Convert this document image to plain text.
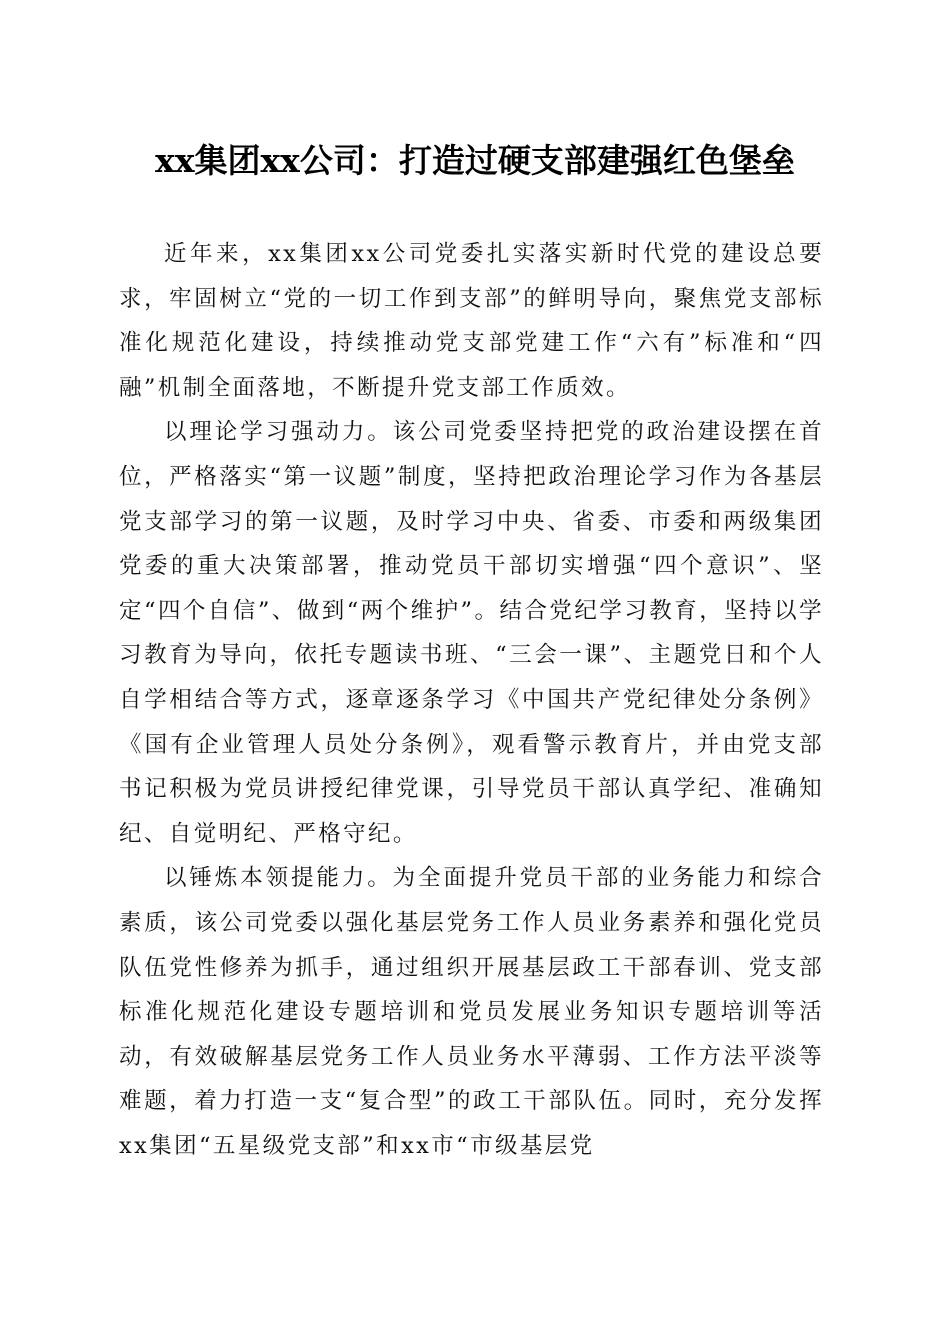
xx集团xx公司：打造过硬支部建强红色堡垒

近年来，xx集团xx公司党委扎实落实新时代党的建设总要求，牢固树立“党的一切工作到支部”的鲜明导向，聚焦党支部标准化规范化建设，持续推动党支部党建工作“六有”标准和“四融”机制全面落地，不断提升党支部工作质效。

以理论学习强动力。该公司党委坚持把党的政治建设摆在首位，严格落实“第一议题”制度，坚持把政治理论学习作为各基层党支部学习的第一议题，及时学习中央、省委、市委和两级集团党委的重大决策部署，推动党员干部切实增强“四个意识”、坚定“四个自信”、做到“两个维护”。结合党纪学习教育，坚持以学习教育为导向，依托专题读书班、“三会一课”、主题党日和个人自学相结合等方式，逐章逐条学习《中国共产党纪律处分条例》《国有企业管理人员处分条例》，观看警示教育片，并由党支部书记积极为党员讲授纪律党课，引导党员干部认真学纪、准确知纪、自觉明纪、严格守纪。

以锤炼本领提能力。为全面提升党员干部的业务能力和综合素质，该公司党委以强化基层党务工作人员业务素养和强化党员队伍党性修养为抓手，通过组织开展基层政工干部春训、党支部标准化规范化建设专题培训和党员发展业务知识专题培训等活动，有效破解基层党务工作人员业务水平薄弱、工作方法平淡等难题，着力打造一支“复合型”的政工干部队伍。同时，充分发挥xx集团“五星级党支部”和xx市“市级基层党
